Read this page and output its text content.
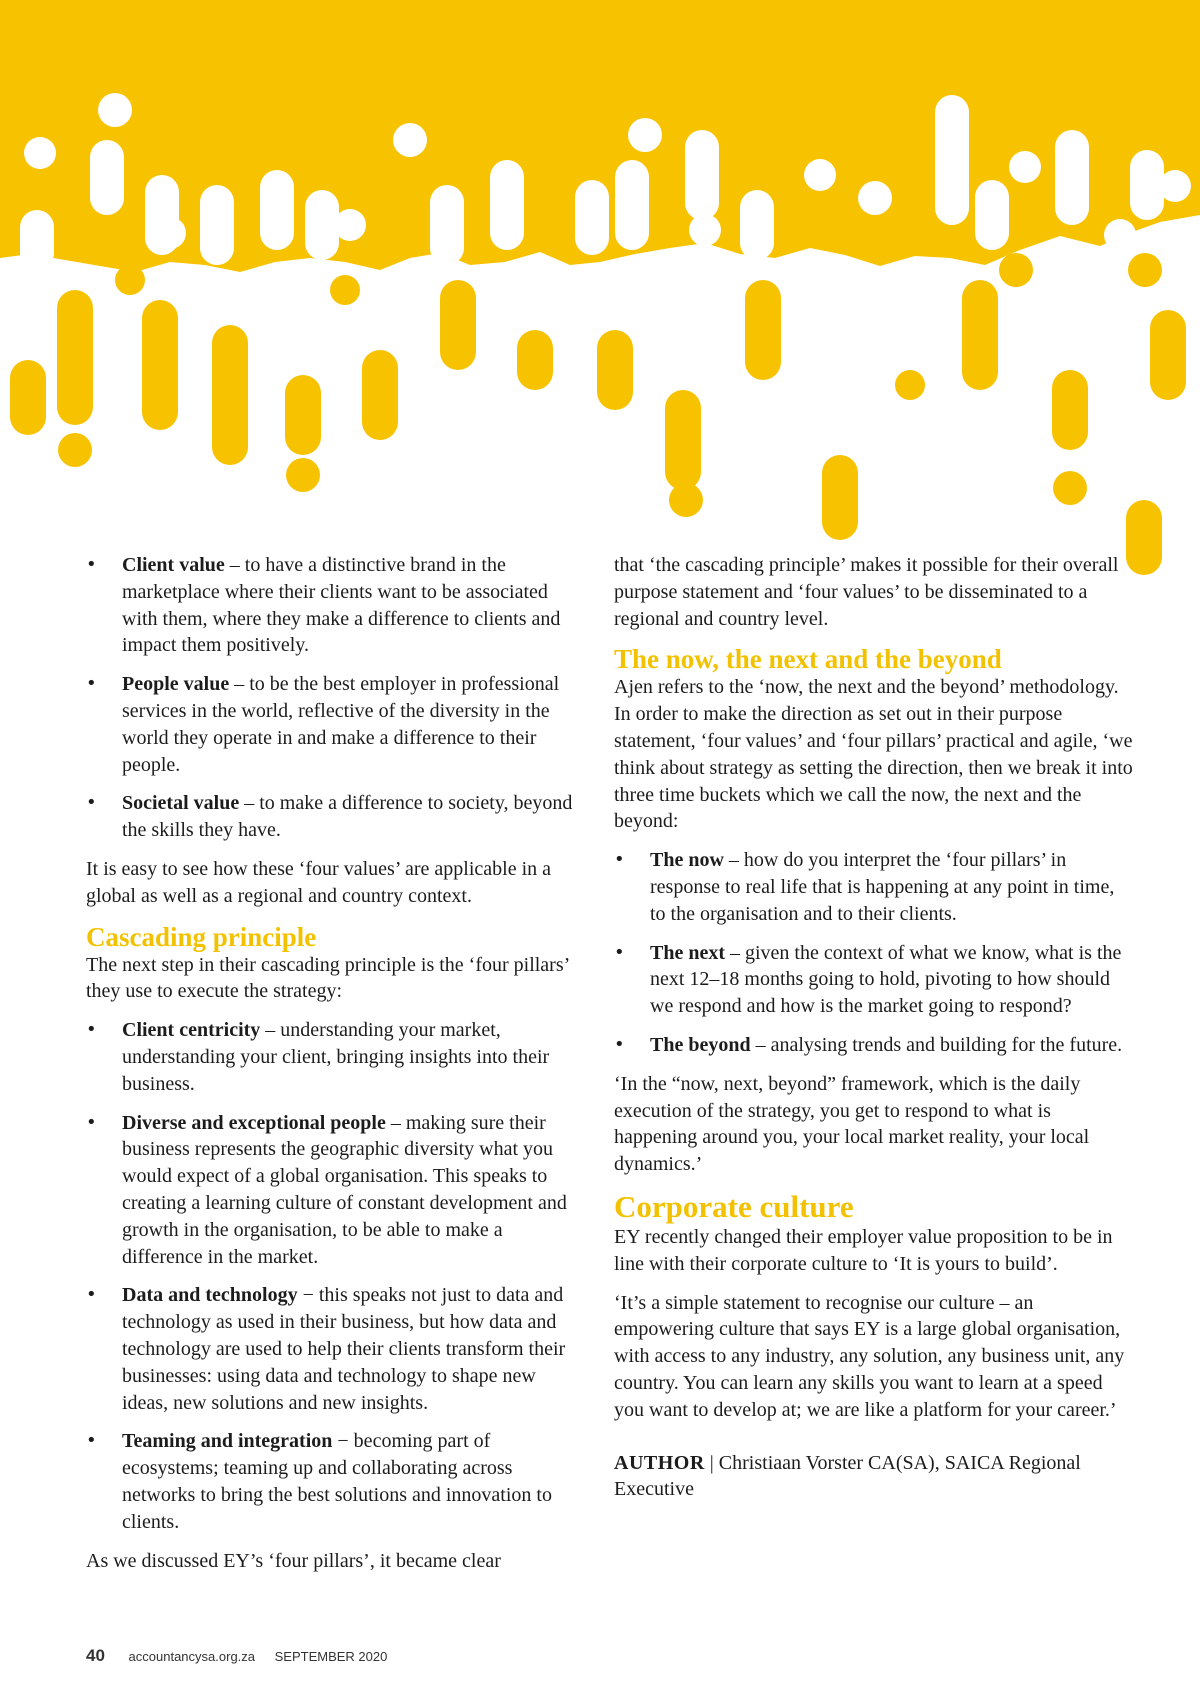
• Client value – to have a distinctive brand in the marketplace where their clients want to be associated with them, where they make a difference to clients and impact them positively.
• People value – to be the best employer in professional services in the world, reflective of the diversity in the world they operate in and make a difference to their people.
• Societal value – to make a difference to society, beyond the skills they have.

It is easy to see how these ‘four values’ are applicable in a global as well as a regional and country context.

Cascading principle

The next step in their cascading principle is the ‘four pillars’ they use to execute the strategy:

• Client centricity – understanding your market, understanding your client, bringing insights into their business.
• Diverse and exceptional people – making sure their business represents the geographic diversity what you would expect of a global organisation. This speaks to creating a learning culture of constant development and growth in the organisation, to be able to make a difference in the market.
• Data and technology − this speaks not just to data and technology as used in their business, but how data and technology are used to help their clients transform their businesses: using data and technology to shape new ideas, new solutions and new insights.
• Teaming and integration − becoming part of ecosystems; teaming up and collaborating across networks to bring the best solutions and innovation to clients.

As we discussed EY’s ‘four pillars’, it became clear

that ‘the cascading principle’ makes it possible for their overall purpose statement and ‘four values’ to be disseminated to a regional and country level.

The now, the next and the beyond

Ajen refers to the ‘now, the next and the beyond’ methodology. In order to make the direction as set out in their purpose statement, ‘four values’ and ‘four pillars’ practical and agile, ‘we think about strategy as setting the direction, then we break it into three time buckets which we call the now, the next and the beyond:

• The now – how do you interpret the ‘four pillars’ in response to real life that is happening at any point in time, to the organisation and to their clients.
• The next – given the context of what we know, what is the next 12–18 months going to hold, pivoting to how should we respond and how is the market going to respond?
• The beyond – analysing trends and building for the future.

‘In the “now, next, beyond” framework, which is the daily execution of the strategy, you get to respond to what is happening around you, your local market reality, your local dynamics.’

Corporate culture

EY recently changed their employer value proposition to be in line with their corporate culture to ‘It is yours to build’.

‘It’s a simple statement to recognise our culture – an empowering culture that says EY is a large global organisation, with access to any industry, any solution, any business unit, any country. You can learn any skills you want to learn at a speed you want to develop at; we are like a platform for your career.’

AUTHOR | Christiaan Vorster CA(SA), SAICA Regional Executive

40 accountancysa.org.za SEPTEMBER 2020
